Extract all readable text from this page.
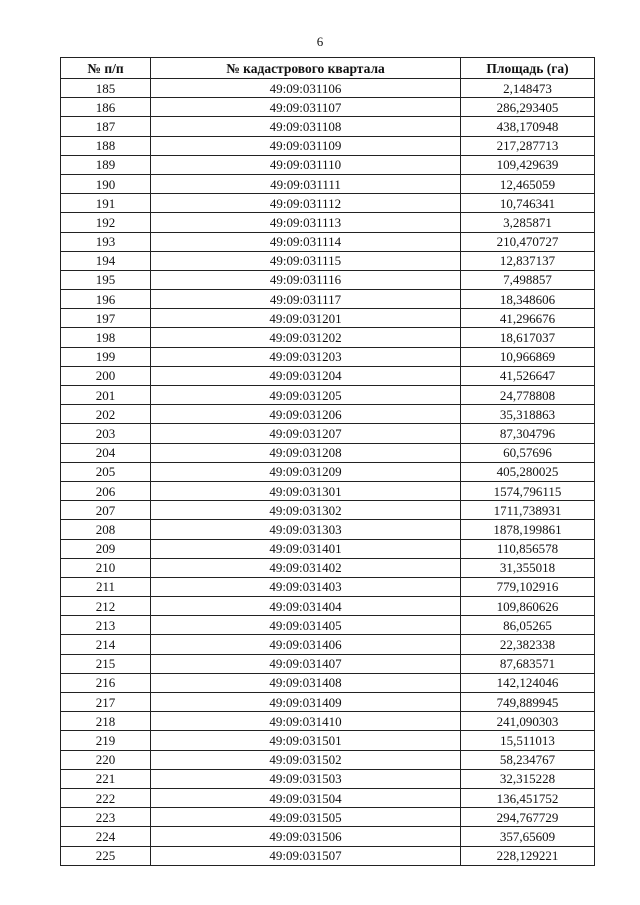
6
№ п/п	№ кадастрового квартала	Площадь (га)
185	49:09:031106	2,148473
186	49:09:031107	286,293405
187	49:09:031108	438,170948
188	49:09:031109	217,287713
189	49:09:031110	109,429639
190	49:09:031111	12,465059
191	49:09:031112	10,746341
192	49:09:031113	3,285871
193	49:09:031114	210,470727
194	49:09:031115	12,837137
195	49:09:031116	7,498857
196	49:09:031117	18,348606
197	49:09:031201	41,296676
198	49:09:031202	18,617037
199	49:09:031203	10,966869
200	49:09:031204	41,526647
201	49:09:031205	24,778808
202	49:09:031206	35,318863
203	49:09:031207	87,304796
204	49:09:031208	60,57696
205	49:09:031209	405,280025
206	49:09:031301	1574,796115
207	49:09:031302	1711,738931
208	49:09:031303	1878,199861
209	49:09:031401	110,856578
210	49:09:031402	31,355018
211	49:09:031403	779,102916
212	49:09:031404	109,860626
213	49:09:031405	86,05265
214	49:09:031406	22,382338
215	49:09:031407	87,683571
216	49:09:031408	142,124046
217	49:09:031409	749,889945
218	49:09:031410	241,090303
219	49:09:031501	15,511013
220	49:09:031502	58,234767
221	49:09:031503	32,315228
222	49:09:031504	136,451752
223	49:09:031505	294,767729
224	49:09:031506	357,65609
225	49:09:031507	228,129221
